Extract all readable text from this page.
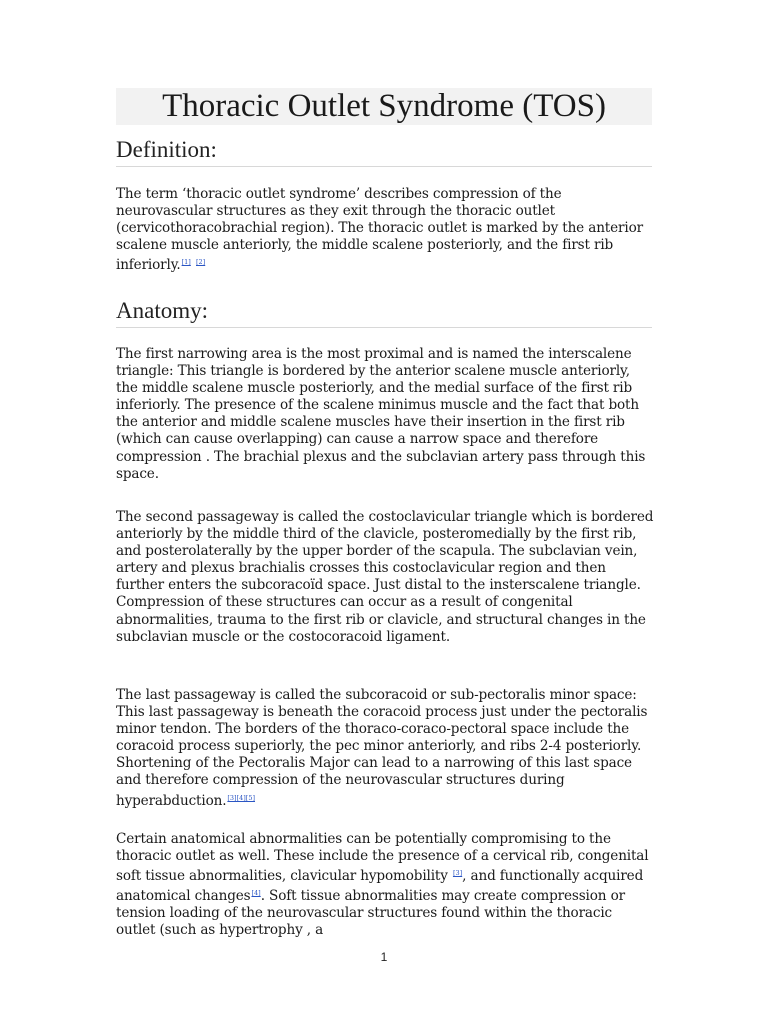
Thoracic Outlet Syndrome (TOS)
Definition:

The term ‘thoracic outlet syndrome’ describes compression of the neurovascular structures as they exit through the thoracic outlet (cervicothoracobrachial region). The thoracic outlet is marked by the anterior scalene muscle anteriorly, the middle scalene posteriorly, and the first rib inferiorly.[1] [2]

Anatomy:

The first narrowing area is the most proximal and is named the interscalene triangle: This triangle is bordered by the anterior scalene muscle anteriorly, the middle scalene muscle posteriorly, and the medial surface of the first rib inferiorly. The presence of the scalene minimus muscle and the fact that both the anterior and middle scalene muscles have their insertion in the first rib (which can cause overlapping) can cause a narrow space and therefore compression . The brachial plexus and the subclavian artery pass through this space.

The second passageway is called the costoclavicular triangle which is bordered anteriorly by the middle third of the clavicle, posteromedially by the first rib, and posterolaterally by the upper border of the scapula. The subclavian vein, artery and plexus brachialis crosses this costoclavicular region and then further enters the subcoracoïd space. Just distal to the insterscalene triangle. Compression of these structures can occur as a result of congenital abnormalities, trauma to the first rib or clavicle, and structural changes in the subclavian muscle or the costocoracoid ligament.

The last passageway is called the subcoracoid or sub-pectoralis minor space: This last passageway is beneath the coracoid process just under the pectoralis minor tendon. The borders of the thoraco-coraco-pectoral space include the coracoid process superiorly, the pec minor anteriorly, and ribs 2-4 posteriorly. Shortening of the Pectoralis Major can lead to a narrowing of this last space and therefore compression of the neurovascular structures during hyperabduction.[3][4][5]

Certain anatomical abnormalities can be potentially compromising to the thoracic outlet as well. These include the presence of a cervical rib, congenital soft tissue abnormalities, clavicular hypomobility [3], and functionally acquired anatomical changes[4]. Soft tissue abnormalities may create compression or tension loading of the neurovascular structures found within the thoracic outlet (such as hypertrophy , a

1
